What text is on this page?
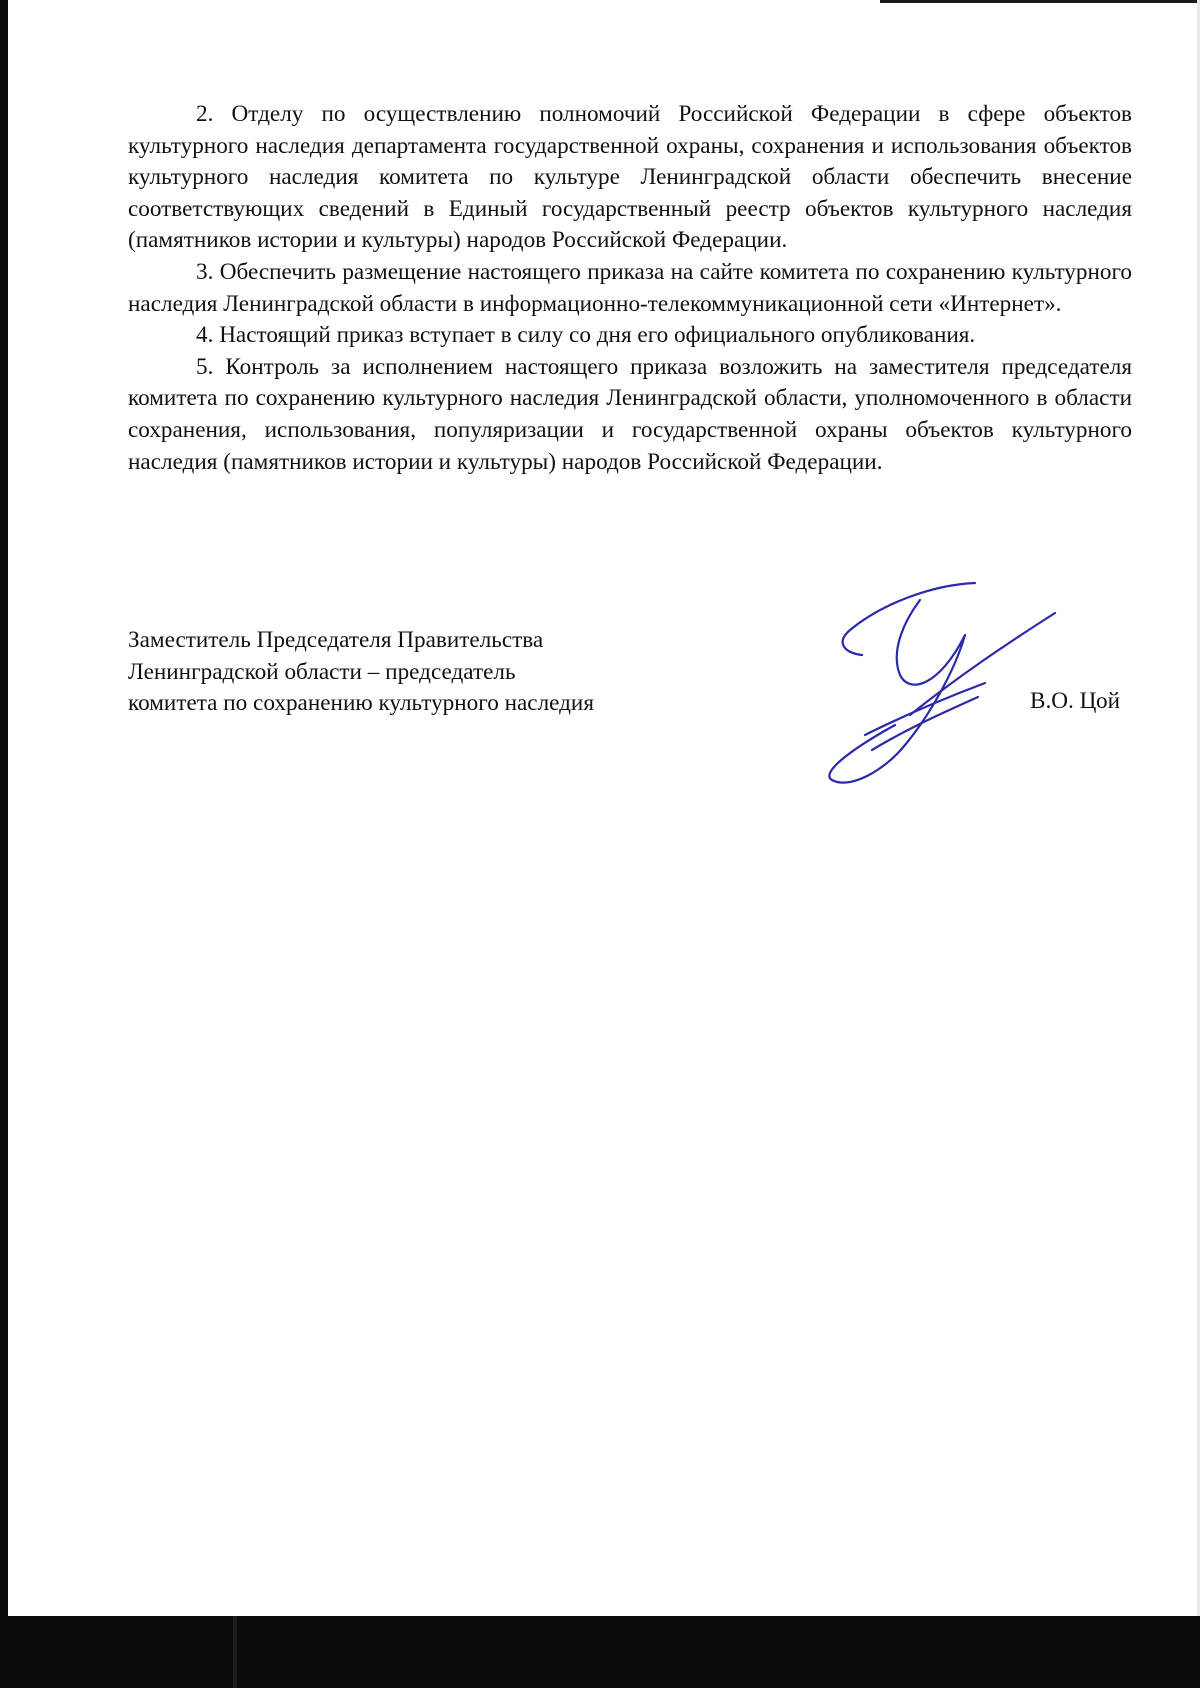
2. Отделу по осуществлению полномочий Российской Федерации в сфере объектов культурного наследия департамента государственной охраны, сохранения и использования объектов культурного наследия комитета по культуре Ленинградской области обеспечить внесение соответствующих сведений в Единый государственный реестр объектов культурного наследия (памятников истории и культуры) народов Российской Федерации.

3. Обеспечить размещение настоящего приказа на сайте комитета по сохранению культурного наследия Ленинградской области в информационно-телекоммуникационной сети «Интернет».

4. Настоящий приказ вступает в силу со дня его официального опубликования.

5. Контроль за исполнением настоящего приказа возложить на заместителя председателя комитета по сохранению культурного наследия Ленинградской области, уполномоченного в области сохранения, использования, популяризации и государственной охраны объектов культурного наследия (памятников истории и культуры) народов Российской Федерации.

Заместитель Председателя Правительства
Ленинградской области – председатель
комитета по сохранению культурного наследия	В.О. Цой
